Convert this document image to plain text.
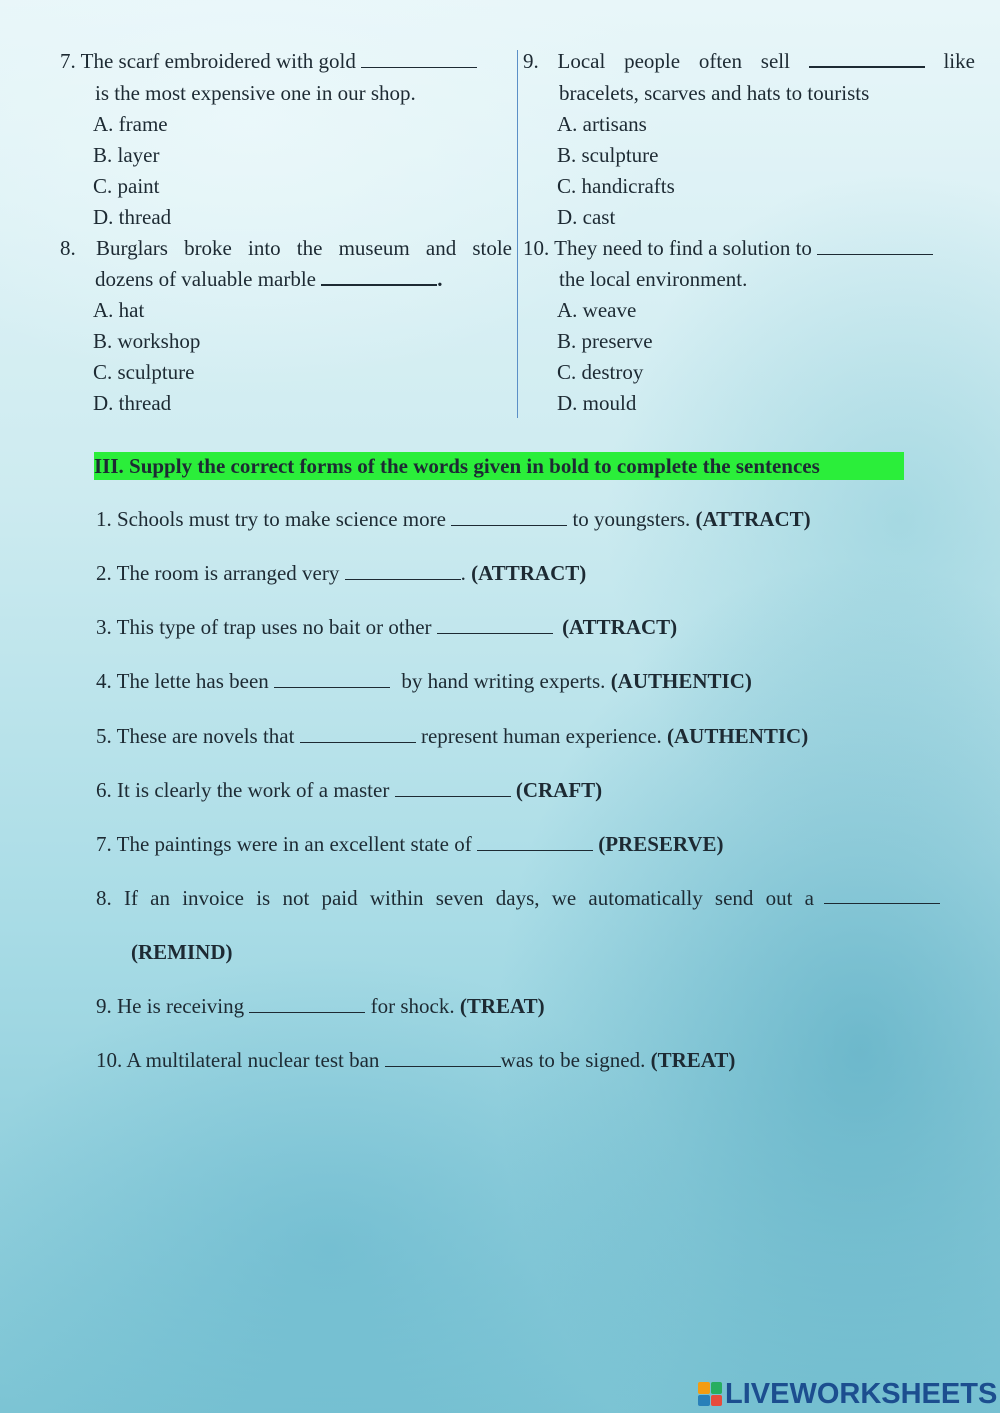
7. The scarf embroidered with gold
is the most expensive one in our shop.
A. frame
B. layer
C. paint
D. thread
8. Burglars broke into the museum and stole
dozens of valuable marble	.
A. hat
B. workshop
C. sculpture
D. thread
9. Local people often sell	like
bracelets, scarves and hats to tourists
A. artisans
B. sculpture
C. handicrafts
D. cast
10. They need to find a solution to
the local environment.
A. weave
B. preserve
C. destroy
D. mould
III. Supply the correct forms of the words given in bold to complete the sentences
1. Schools must try to make science more	to youngsters. (ATTRACT)
2. The room is arranged very	. (ATTRACT)
3. This type of trap uses no bait or other	(ATTRACT)
4. The lette has been	by hand writing experts. (AUTHENTIC)
5. These are novels that	represent human experience. (AUTHENTIC)
6. It is clearly the work of a master	(CRAFT)
7. The paintings were in an excellent state of	(PRESERVE)
8. If an invoice is not paid within seven days, we automatically send out a
(REMIND)
9. He is receiving	for shock. (TREAT)
10. A multilateral nuclear test ban	was to be signed. (TREAT)
LIVEWORKSHEETS
